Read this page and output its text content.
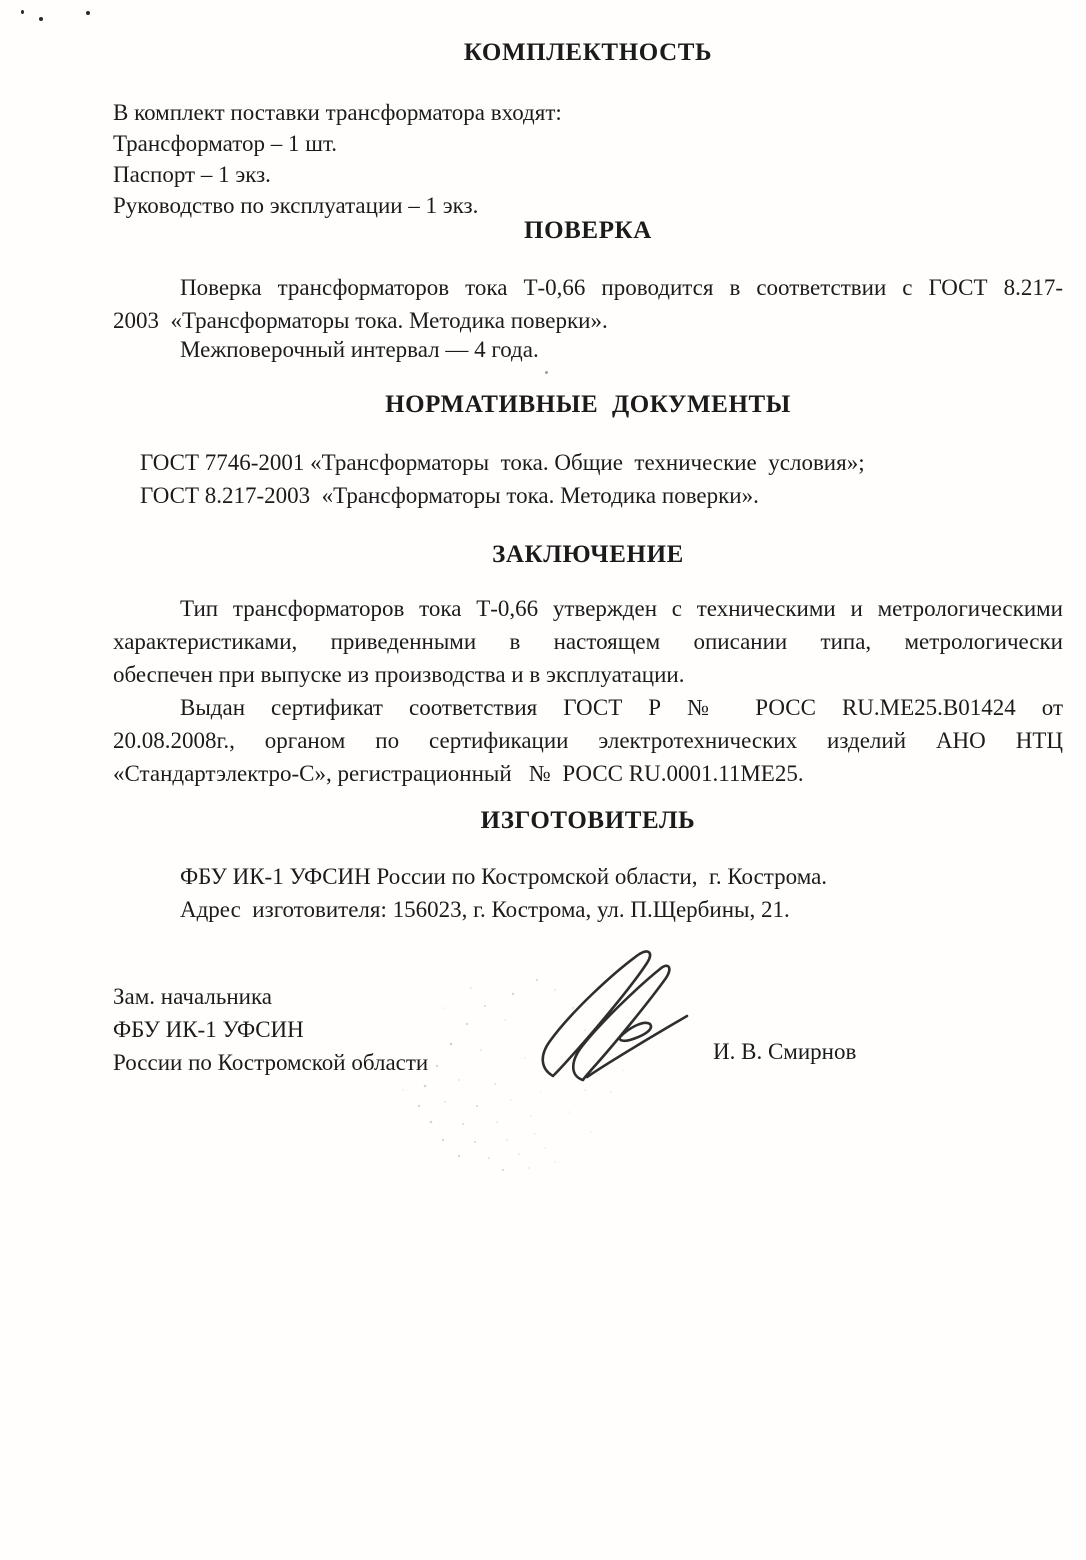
КОМПЛЕКТНОСТЬ
В комплект поставки трансформатора входят:
Трансформатор – 1 шт.
Паспорт – 1 экз.
Руководство по эксплуатации – 1 экз.
ПОВЕРКА
Поверка трансформаторов тока Т-0,66 проводится в соответствии с ГОСТ 8.217-
2003  «Трансформаторы тока. Методика поверки».
Межповерочный интервал — 4 года.
НОРМАТИВНЫЕ  ДОКУМЕНТЫ
ГОСТ 7746-2001 «Трансформаторы  тока. Общие  технические  условия»;
ГОСТ 8.217-2003  «Трансформаторы тока. Методика поверки».
ЗАКЛЮЧЕНИЕ
Тип трансформаторов тока Т-0,66 утвержден с техническими и метрологическими
характеристиками, приведенными в настоящем описании типа, метрологически
обеспечен при выпуске из производства и в эксплуатации.
Выдан сертификат соответствия ГОСТ Р № РОСС RU.ME25.B01424 от
20.08.2008г., органом по сертификации электротехнических изделий АНО НТЦ
«Стандартэлектро-С», регистрационный   №  РОСС RU.0001.11МЕ25.
ИЗГОТОВИТЕЛЬ
ФБУ ИК-1 УФСИН России по Костромской области,  г. Кострома.
Адрес  изготовителя: 156023, г. Кострома, ул. П.Щербины, 21.
Зам. начальника
ФБУ ИК-1 УФСИН
России по Костромской области	И. В. Смирнов
